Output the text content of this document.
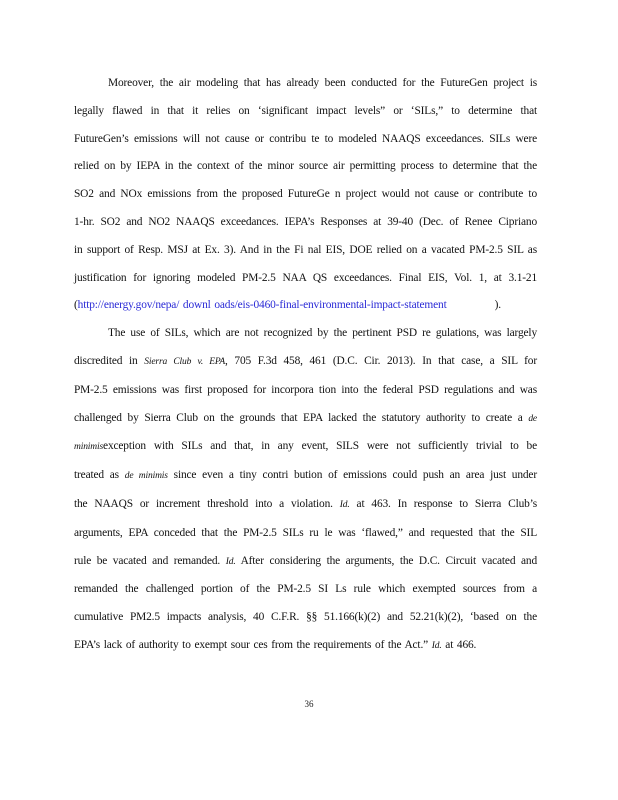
Moreover, the air modeling that has already been conducted for the FutureGen project is
legally flawed in that it relies on ‘significant impact levels” or ‘SILs,” to determine that
FutureGen’s emissions will not cause or contribu te to modeled NAAQS exceedances. SILs were
relied on by IEPA in the context of the minor source air permitting process to determine that the
SO2 and NOx emissions from the proposed FutureGe n project would not cause or contribute to
1-hr. SO2 and NO2 NAAQS exceedances. IEPA’s Responses at 39-40 (Dec. of Renee Cipriano
in support of Resp. MSJ at Ex. 3). And in the Fi nal EIS, DOE relied on a vacated PM-2.5 SIL as
justification for ignoring modeled PM-2.5 NAA QS exceedances. Final EIS, Vol. 1, at 3.1-21
(http://energy.gov/nepa/ downl oads/eis-0460-final-environmental-impact-statement	).

The use of SILs, which are not recognized by the pertinent PSD re gulations, was largely
discredited in Sierra Club v. EPA, 705 F.3d 458, 461 (D.C. Cir. 2013). In that case, a SIL for
PM-2.5 emissions was first proposed for incorpora tion into the federal PSD regulations and was
challenged by Sierra Club on the grounds that EPA lacked the statutory authority to create a de
minimisexception with SILs and that, in any event, SILS were not sufficiently trivial to be
treated as de minimis since even a tiny contri bution of emissions could push an area just under
the NAAQS or increment threshold into a violation. Id. at 463. In response to Sierra Club’s
arguments, EPA conceded that the PM-2.5 SILs ru le was ‘flawed,” and requested that the SIL
rule be vacated and remanded. Id. After considering the arguments, the D.C. Circuit vacated and
remanded the challenged portion of the PM-2.5 SI Ls rule which exempted sources from a
cumulative PM2.5 impacts analysis, 40 C.F.R. §§ 51.166(k)(2) and 52.21(k)(2), ‘based on the
EPA’s lack of authority to exempt sour ces from the requirements of the Act.” Id. at 466.

36
